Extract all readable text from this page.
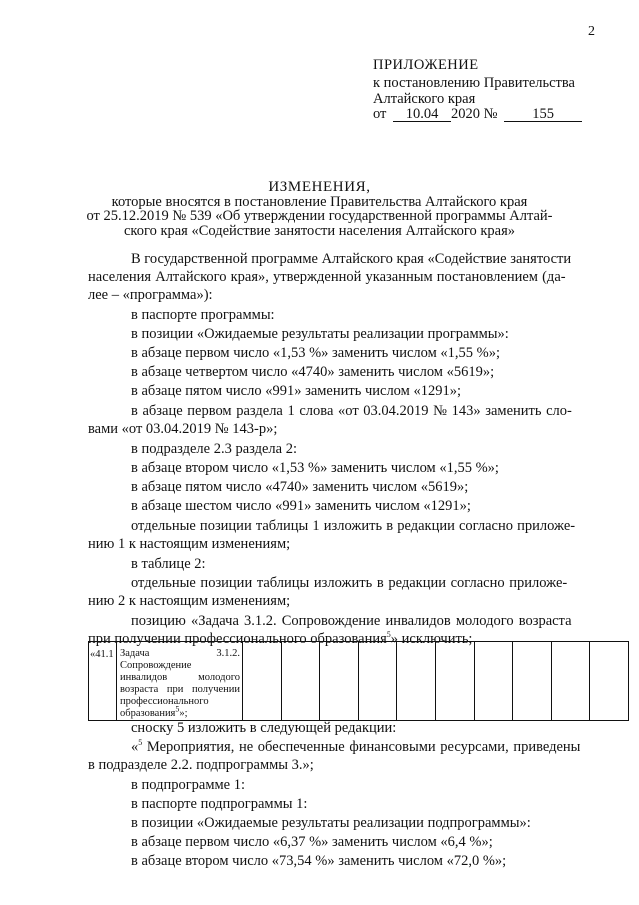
2
ПРИЛОЖЕНИЕ
к постановлению Правительства
Алтайского края
от 10.04 2020 № 155
ИЗМЕНЕНИЯ,
которые вносятся в постановление Правительства Алтайского края
от 25.12.2019 № 539 «Об утверждении государственной программы Алтай-
ского края «Содействие занятости населения Алтайского края»
В государственной программе Алтайского края «Содействие занятости
населения Алтайского края», утвержденной указанным постановлением (да-
лее – «программа»):
в паспорте программы:
в позиции «Ожидаемые результаты реализации программы»:
в абзаце первом число «1,53 %» заменить числом «1,55 %»;
в абзаце четвертом число «4740» заменить числом «5619»;
в абзаце пятом число «991» заменить числом «1291»;
в абзаце первом раздела 1 слова «от 03.04.2019 № 143» заменить сло-
вами «от 03.04.2019 № 143-р»;
в подразделе 2.3 раздела 2:
в абзаце втором число «1,53 %» заменить числом «1,55 %»;
в абзаце пятом число «4740» заменить числом «5619»;
в абзаце шестом число «991» заменить числом «1291»;
отдельные позиции таблицы 1 изложить в редакции согласно приложе-
нию 1 к настоящим изменениям;
в таблице 2:
отдельные позиции таблицы изложить в редакции согласно приложе-
нию 2 к настоящим изменениям;
позицию «Задача 3.1.2. Сопровождение инвалидов молодого возраста
при получении профессионального образования$^5$» исключить;
«41.1	Задача 3.1.2. Сопровождение инвалидов молодого возраста при получении профессионального образования$^5$»;										
сноску 5 изложить в следующей редакции:
«$^5$ Мероприятия, не обеспеченные финансовыми ресурсами, приведены
в подразделе 2.2. подпрограммы 3.»;
в подпрограмме 1:
в паспорте подпрограммы 1:
в позиции «Ожидаемые результаты реализации подпрограммы»:
в абзаце первом число «6,37 %» заменить числом «6,4 %»;
в абзаце втором число «73,54 %» заменить числом «72,0 %»;
